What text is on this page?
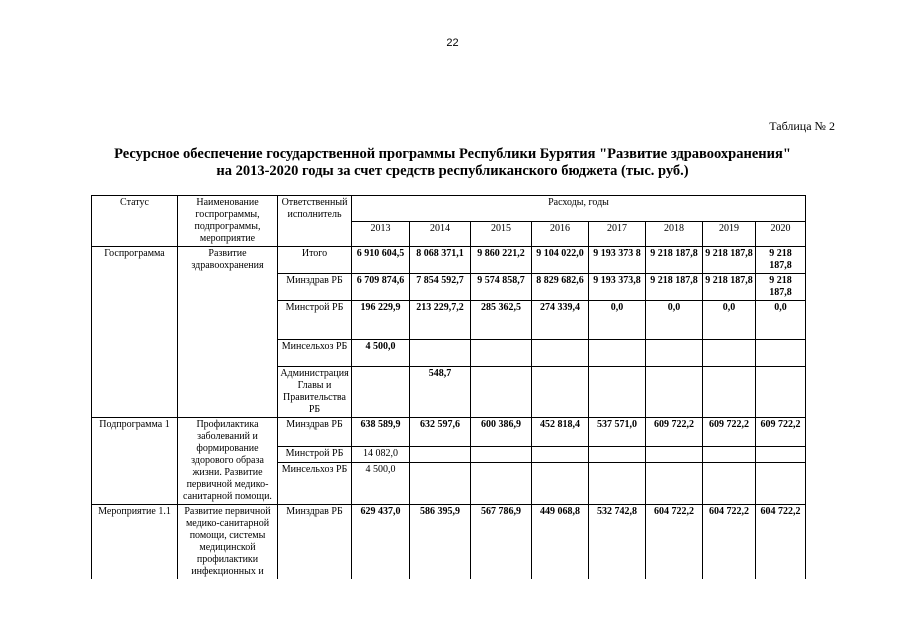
22
Таблица № 2
Ресурсное обеспечение государственной программы Республики Бурятия "Развитие здравоохранения"
на 2013-2020 годы за счет средств республиканского бюджета (тыс. руб.)
Статус	Наименование госпрограммы, подпрограммы, мероприятие	Ответственный исполнитель	Расходы, годы							
			2013	2014	2015	2016	2017	2018	2019	2020
Госпрограмма	Развитие здравоохранения	Итого	6 910 604,5	8 068 371,1	9 860 221,2	9 104 022,0	9 193 373 8	9 218 187,8	9 218 187,8	9 218 187,8
		Минздрав РБ	6 709 874,6	7 854 592,7	9 574 858,7	8 829 682,6	9 193 373,8	9 218 187,8	9 218 187,8	9 218 187,8
		Минстрой РБ	196 229,9	213 229,7,2	285 362,5	274 339,4	0,0	0,0	0,0	0,0
		Минсельхоз РБ	4 500,0							
		Администрация Главы и Правительства РБ		548,7						
Подпрограмма 1	Профилактика заболеваний и формирование здорового образа жизни. Развитие первичной медико-санитарной помощи.	Минздрав РБ	638 589,9	632 597,6	600 386,9	452 818,4	537 571,0	609 722,2	609 722,2	609 722,2
		Минстрой РБ	14 082,0							
		Минсельхоз РБ	4 500,0							
Мероприятие 1.1	Развитие первичной медико-санитарной помощи, системы медицинской профилактики инфекционных и	Минздрав РБ	629 437,0	586 395,9	567 786,9	449 068,8	532 742,8	604 722,2	604 722,2	604 722,2
